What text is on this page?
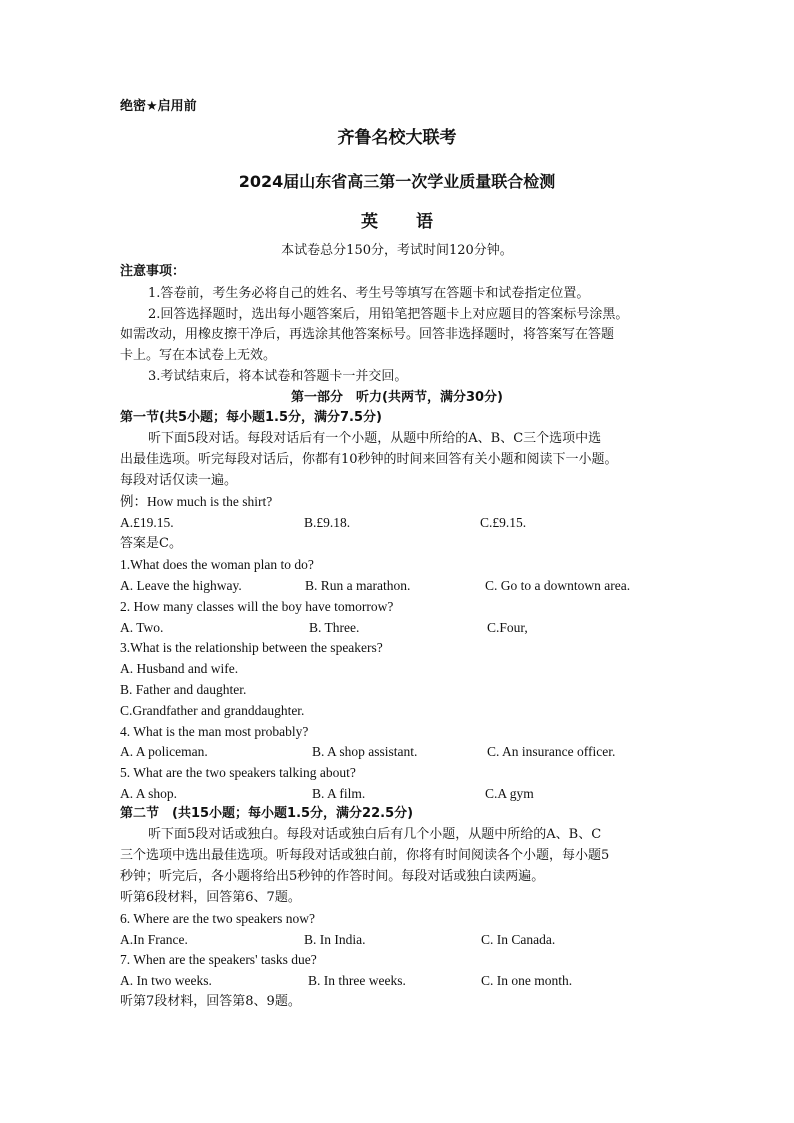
绝密★启用前
齐鲁名校大联考
2024届山东省高三第一次学业质量联合检测
英 语
本试卷总分150分，考试时间120分钟。
注意事项：
1.答卷前，考生务必将自己的姓名、考生号等填写在答题卡和试卷指定位置。
2.回答选择题时，选出每小题答案后，用铅笔把答题卡上对应题目的答案标号涂黑。
如需改动，用橡皮擦干净后，再选涂其他答案标号。回答非选择题时，将答案写在答题
卡上。写在本试卷上无效。
3.考试结束后，将本试卷和答题卡一并交回。
第一部分　听力(共两节，满分30分)
第一节(共5小题；每小题1.5分，满分7.5分)
听下面5段对话。每段对话后有一个小题，从题中所给的A、B、C三个选项中选
出最佳选项。听完每段对话后，你都有10秒钟的时间来回答有关小题和阅读下一小题。
每段对话仅读一遍。
例：How much is the shirt?
A.£19.15.	B.£9.18.	C.£9.15.
答案是C。
1.What does the woman plan to do?
A. Leave the highway.	B. Run a marathon.	C. Go to a downtown area.
2. How many classes will the boy have tomorrow?
A. Two.	B. Three.	C.Four,
3.What is the relationship between the speakers?
A. Husband and wife.
B. Father and daughter.
C.Grandfather and granddaughter.
4. What is the man most probably?
A. A policeman.	B. A shop assistant.	C. An insurance officer.
5. What are the two speakers talking about?
A. A shop.	B. A film.	C.A gym
第二节　(共15小题；每小题1.5分，满分22.5分)
听下面5段对话或独白。每段对话或独白后有几个小题，从题中所给的A、B、C
三个选项中选出最佳选项。听每段对话或独白前，你将有时间阅读各个小题，每小题5
秒钟；听完后，各小题将给出5秒钟的作答时间。每段对话或独白读两遍。
听第6段材料，回答第6、7题。
6. Where are the two speakers now?
A.In France.	B. In India.	C. In Canada.
7. When are the speakers' tasks due?
A. In two weeks.	B. In three weeks.	C. In one month.
听第7段材料，回答第8、9题。
